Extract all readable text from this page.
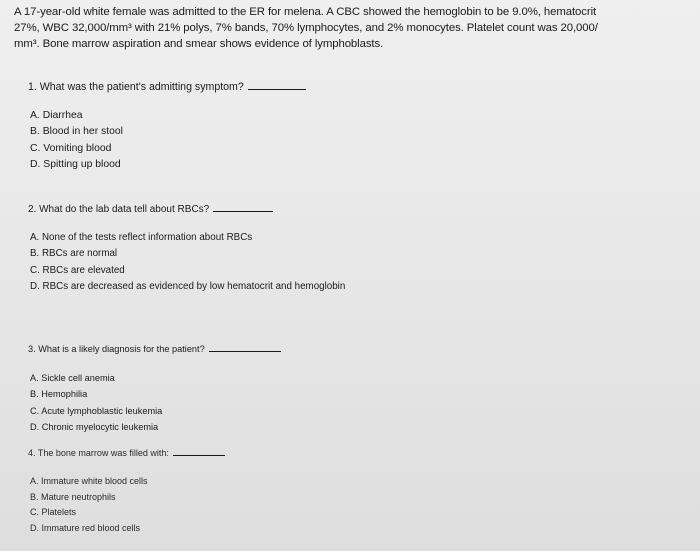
A 17-year-old white female was admitted to the ER for melena. A CBC showed the hemoglobin to be 9.0%, hematocrit
27%, WBC 32,000/mm³ with 21% polys, 7% bands, 70% lymphocytes, and 2% monocytes. Platelet count was 20,000/
mm³. Bone marrow aspiration and smear shows evidence of lymphoblasts.
1. What was the patient's admitting symptom?
A. Diarrhea
B. Blood in her stool
C. Vomiting blood
D. Spitting up blood
2. What do the lab data tell about RBCs?
A. None of the tests reflect information about RBCs
B. RBCs are normal
C. RBCs are elevated
D. RBCs are decreased as evidenced by low hematocrit and hemoglobin
3. What is a likely diagnosis for the patient?
A. Sickle cell anemia
B. Hemophilia
C. Acute lymphoblastic leukemia
D. Chronic myelocytic leukemia
4. The bone marrow was filled with:
A. Immature white blood cells
B. Mature neutrophils
C. Platelets
D. Immature red blood cells
